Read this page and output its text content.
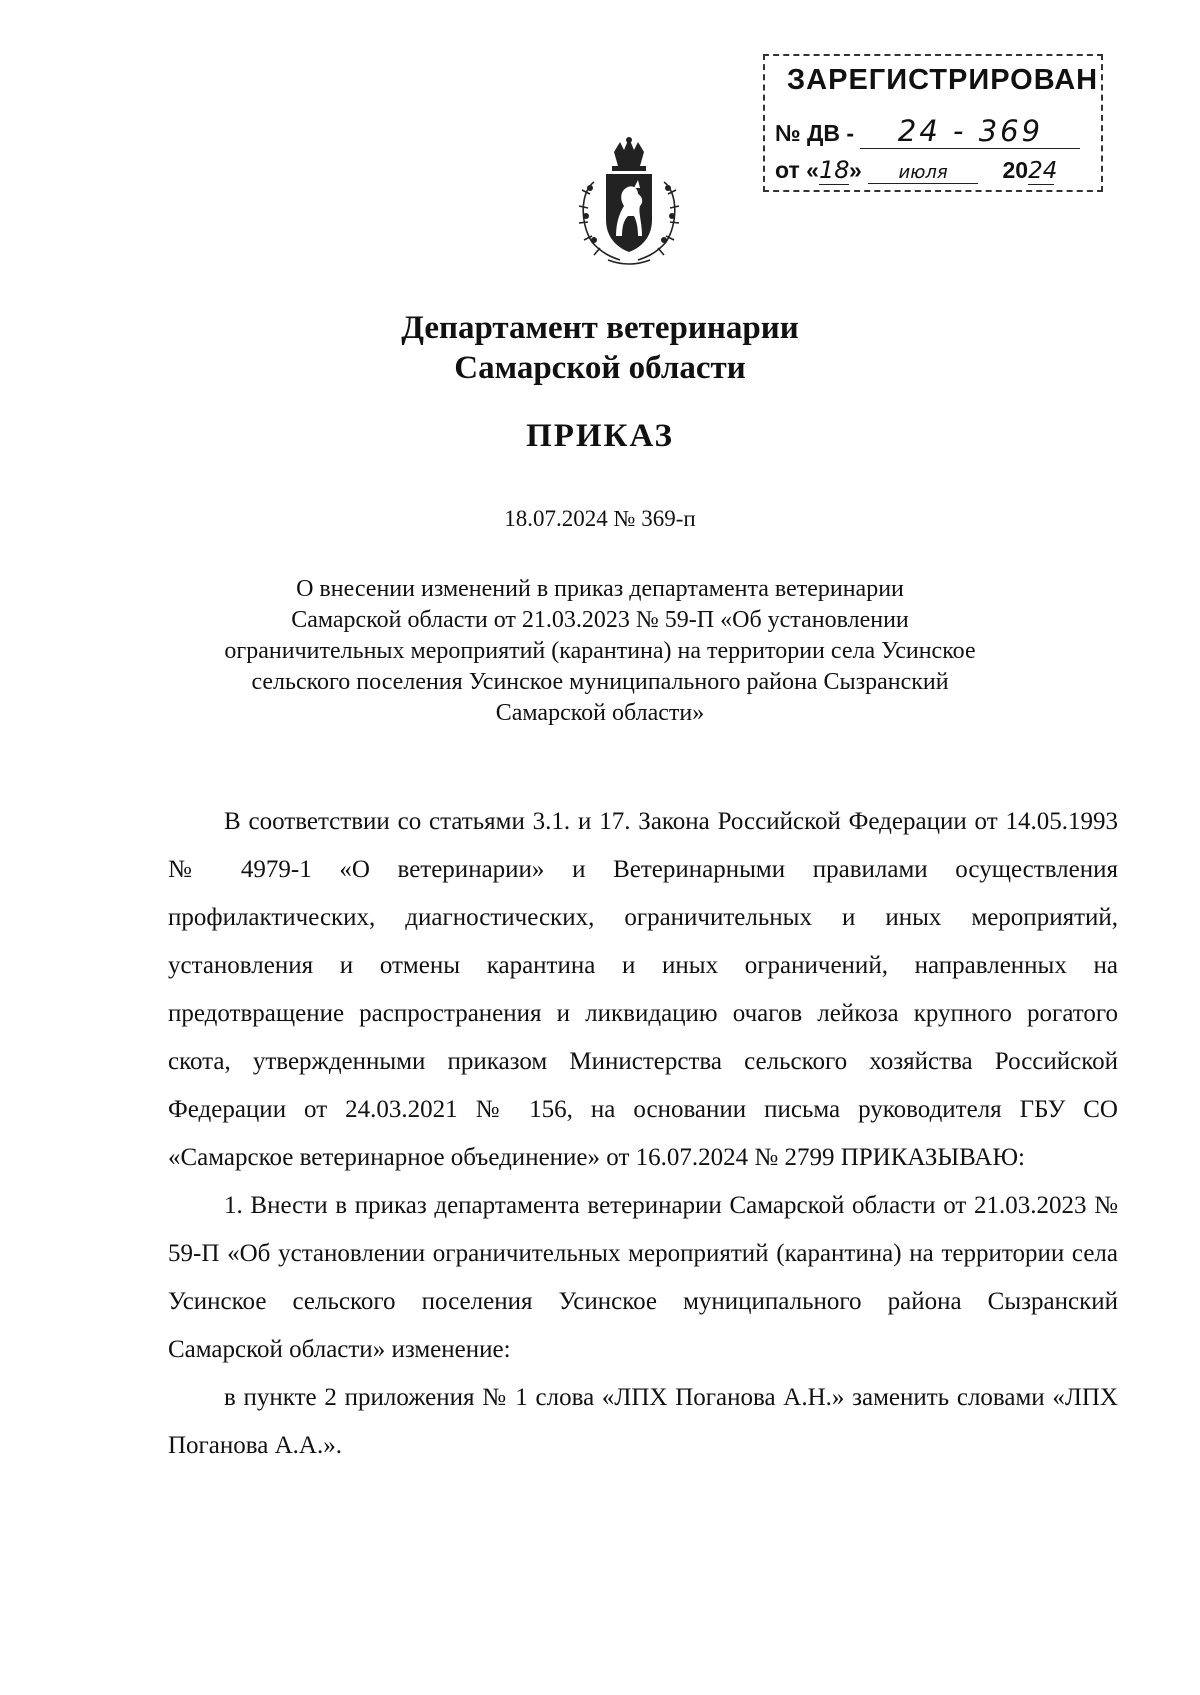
ЗАРЕГИСТРИРОВАН
№ ДВ - 24 - 369
от «18» июля 2024
Департамент ветеринарии
Самарской области
ПРИКАЗ
18.07.2024 № 369-п
О внесении изменений в приказ департамента ветеринарии
Самарской области от 21.03.2023 № 59-П «Об установлении
ограничительных мероприятий (карантина) на территории села Усинское
сельского поселения Усинское муниципального района Сызранский
Самарской области»

В соответствии со статьями 3.1. и 17. Закона Российской Федерации от 14.05.1993 № 4979-1 «О ветеринарии» и Ветеринарными правилами осуществления профилактических, диагностических, ограничительных и иных мероприятий, установления и отмены карантина и иных ограничений, направленных на предотвращение распространения и ликвидацию очагов лейкоза крупного рогатого скота, утвержденными приказом Министерства сельского хозяйства Российской Федерации от 24.03.2021 № 156, на основании письма руководителя ГБУ СО «Самарское ветеринарное объединение» от 16.07.2024 № 2799 ПРИКАЗЫВАЮ:

1. Внести в приказ департамента ветеринарии Самарской области от 21.03.2023 № 59-П «Об установлении ограничительных мероприятий (карантина) на территории села Усинское сельского поселения Усинское муниципального района Сызранский Самарской области» изменение:

в пункте 2 приложения № 1 слова «ЛПХ Поганова А.Н.» заменить словами «ЛПХ Поганова А.А.».
